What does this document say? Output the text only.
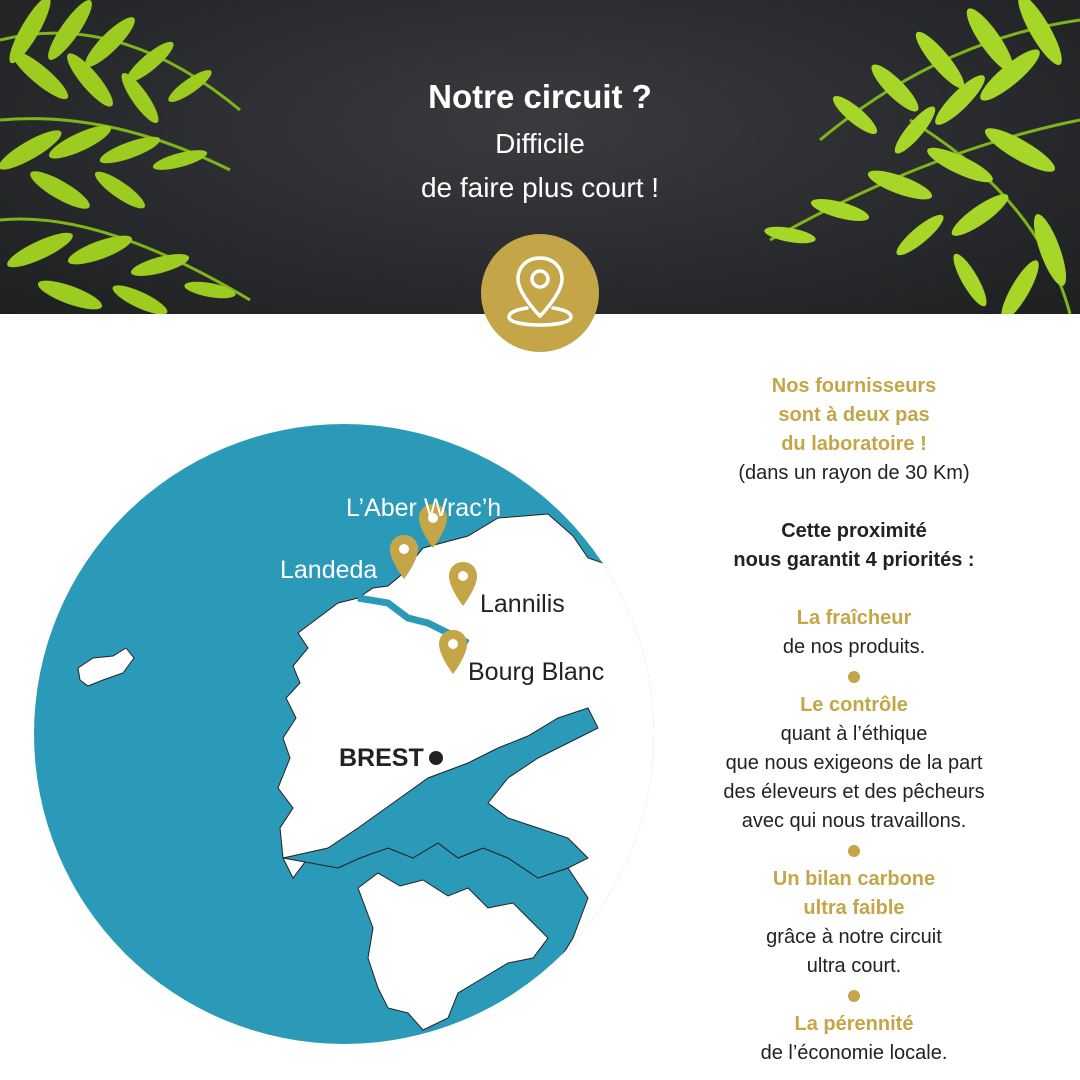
Notre circuit ?
Difficile
de faire plus court !
L’Aber Wrac’h
Landeda
Lannilis
Bourg Blanc
BREST
Nos fournisseurs
sont à deux pas
du laboratoire !
(dans un rayon de 30 Km)
Cette proximité
nous garantit 4 priorités :
La fraîcheur
de nos produits.
Le contrôle
quant à l’éthique
que nous exigeons de la part
des éleveurs et des pêcheurs
avec qui nous travaillons.
Un bilan carbone
ultra faible
grâce à notre circuit
ultra court.
La pérennité
de l’économie locale.
